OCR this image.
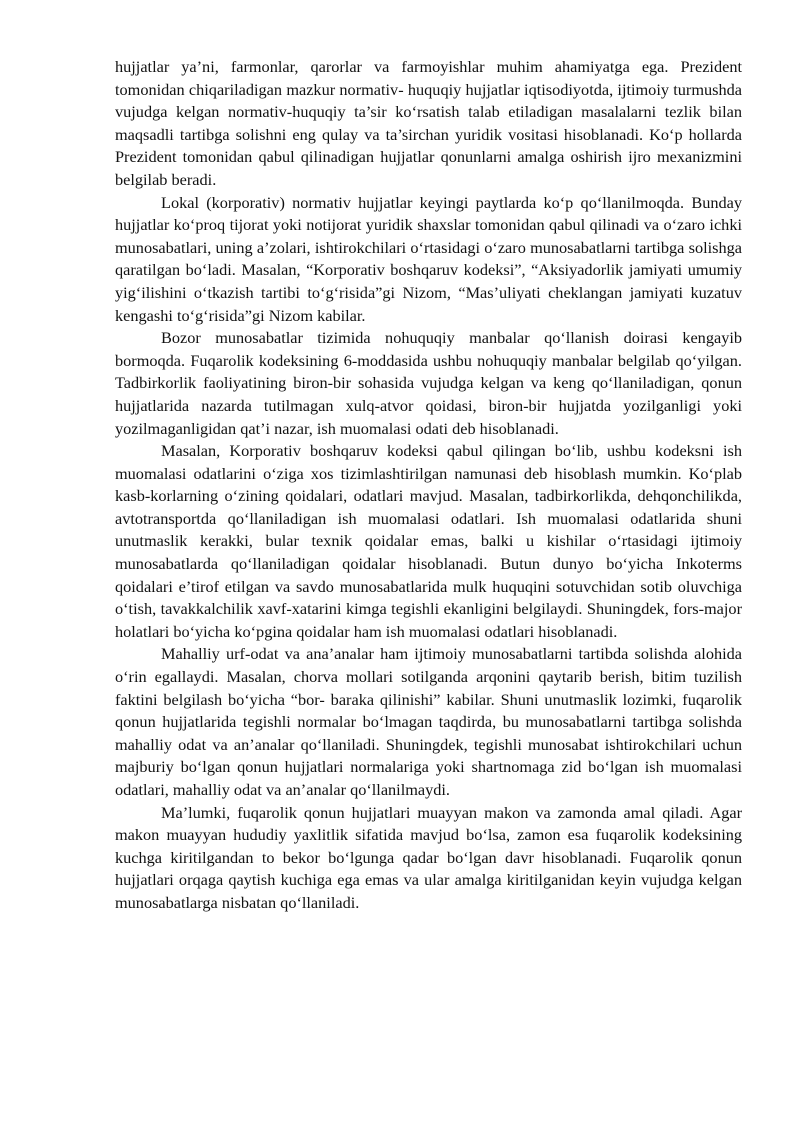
hujjatlar ya’ni, farmonlar, qarorlar va farmoyishlar muhim ahamiyatga ega. Prezident tomonidan chiqariladigan mazkur normativ- huquqiy hujjatlar iqtisodiyotda, ijtimoiy turmushda vujudga kelgan normativ-huquqiy ta’sir ko‘rsatish talab etiladigan masalalarni tezlik bilan maqsadli tartibga solishni eng qulay va ta’sirchan yuridik vositasi hisoblanadi. Ko‘p hollarda Prezident tomonidan qabul qilinadigan hujjatlar qonunlarni amalga oshirish ijro mexanizmini belgilab beradi.

Lokal (korporativ) normativ hujjatlar keyingi paytlarda ko‘p qo‘llanilmoqda. Bunday hujjatlar ko‘proq tijorat yoki notijorat yuridik shaxslar tomonidan qabul qilinadi va o‘zaro ichki munosabatlari, uning a’zolari, ishtirokchilari o‘rtasidagi o‘zaro munosabatlarni tartibga solishga qaratilgan bo‘ladi. Masalan, “Korporativ boshqaruv kodeksi”, “Aksiyadorlik jamiyati umumiy yig‘ilishini o‘tkazish tartibi to‘g‘risida”gi Nizom, “Mas’uliyati cheklangan jamiyati kuzatuv kengashi to‘g‘risida”gi Nizom kabilar.

Bozor munosabatlar tizimida nohuquqiy manbalar qo‘llanish doirasi kengayib bormoqda. Fuqarolik kodeksining 6-moddasida ushbu nohuquqiy manbalar belgilab qo‘yilgan. Tadbirkorlik faoliyatining biron-bir sohasida vujudga kelgan va keng qo‘llaniladigan, qonun hujjatlarida nazarda tutilmagan xulq-atvor qoidasi, biron-bir hujjatda yozilganligi yoki yozilmaganligidan qat’i nazar, ish muomalasi odati deb hisoblanadi.

Masalan, Korporativ boshqaruv kodeksi qabul qilingan bo‘lib, ushbu kodeksni ish muomalasi odatlarini o‘ziga xos tizimlashtirilgan namunasi deb hisoblash mumkin. Ko‘plab kasb-korlarning o‘zining qoidalari, odatlari mavjud. Masalan, tadbirkorlikda, dehqonchilikda, avtotransportda qo‘llaniladigan ish muomalasi odatlari. Ish muomalasi odatlarida shuni unutmaslik kerakki, bular texnik qoidalar emas, balki u kishilar o‘rtasidagi ijtimoiy munosabatlarda qo‘llaniladigan qoidalar hisoblanadi. Butun dunyo bo‘yicha Inkoterms qoidalari e’tirof etilgan va savdo munosabatlarida mulk huquqini sotuvchidan sotib oluvchiga o‘tish, tavakkalchilik xavf-xatarini kimga tegishli ekanligini belgilaydi. Shuningdek, fors-major holatlari bo‘yicha ko‘pgina qoidalar ham ish muomalasi odatlari hisoblanadi.

Mahalliy urf-odat va ana’analar ham ijtimoiy munosabatlarni tartibda solishda alohida o‘rin egallaydi. Masalan, chorva mollari sotilganda arqonini qaytarib berish, bitim tuzilish faktini belgilash bo‘yicha “bor- baraka qilinishi” kabilar. Shuni unutmaslik lozimki, fuqarolik qonun hujjatlarida tegishli normalar bo‘lmagan taqdirda, bu munosabatlarni tartibga solishda mahalliy odat va an’analar qo‘llaniladi. Shuningdek, tegishli munosabat ishtirokchilari uchun majburiy bo‘lgan qonun hujjatlari normalariga yoki shartnomaga zid bo‘lgan ish muomalasi odatlari, mahalliy odat va an’analar qo‘llanilmaydi.

Ma’lumki, fuqarolik qonun hujjatlari muayyan makon va zamonda amal qiladi. Agar makon muayyan hududiy yaxlitlik sifatida mavjud bo‘lsa, zamon esa fuqarolik kodeksining kuchga kiritilgandan to bekor bo‘lgunga qadar bo‘lgan davr hisoblanadi. Fuqarolik qonun hujjatlari orqaga qaytish kuchiga ega emas va ular amalga kiritilganidan keyin vujudga kelgan munosabatlarga nisbatan qo‘llaniladi.
